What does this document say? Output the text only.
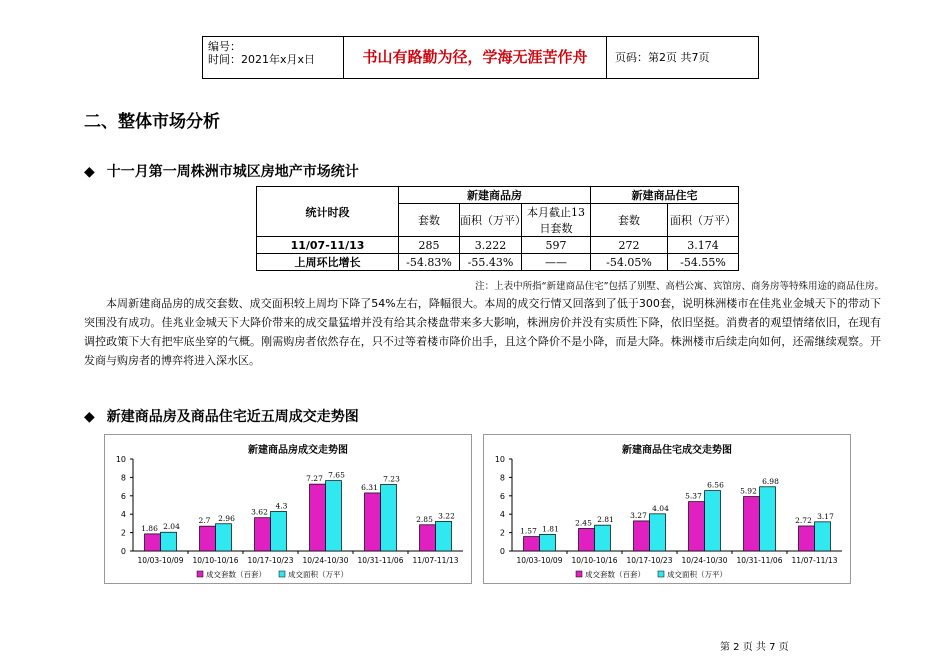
编号：
时间：2021年x月x日	书山有路勤为径，学海无涯苦作舟	页码：第2页 共7页
二、整体市场分析
◆ 十一月第一周株洲市城区房地产市场统计
统计时段	新建商品房			新建商品住宅	
	套数	面积（万平）	本月截止13日套数	套数	面积（万平）
11/07-11/13	285	3.222	597	272	3.174
上周环比增长	-54.83%	-55.43%	——	-54.05%	-54.55%
注：上表中所指“新建商品住宅”包括了别墅、高档公寓、宾馆房、商务房等特殊用途的商品住房。
本周新建商品房的成交套数、成交面积较上周均下降了54%左右，降幅很大。本周的成交行情又回落到了低于300套，说明株洲楼市在佳兆业金城天下的带动下突围没有成功。佳兆业金城天下大降价带来的成交量猛增并没有给其余楼盘带来多大影响，株洲房价并没有实质性下降，依旧坚挺。消费者的观望情绪依旧，在现有调控政策下大有把牢底坐穿的气概。刚需购房者依然存在，只不过等着楼市降价出手，且这个降价不是小降，而是大降。株洲楼市后续走向如何，还需继续观察。开发商与购房者的博弈将进入深水区。
◆ 新建商品房及商品住宅近五周成交走势图
新建商品房成交走势图
0
2
4
6
8
10
10/03-10/09
1.86 2.04
10/10-10/16
2.7 2.96
10/17-10/23
3.62
4.3
10/24-10/30
7.27 7.65
10/31-11/06
6.31
7.23
11/07-11/13
2.85 3.22
成交套数（百套）	成交面积（万平）
新建商品住宅成交走势图
0
2
4
6
8
10
10/03-10/09
1.57 1.81
10/10-10/16
2.45 2.81
10/17-10/23
3.27
4.04
10/24-10/30
5.37
6.56
10/31-11/06
5.92
6.98
11/07-11/13
2.72 3.17
成交套数（百套）	成交面积（万平）
第 2 页 共 7 页
